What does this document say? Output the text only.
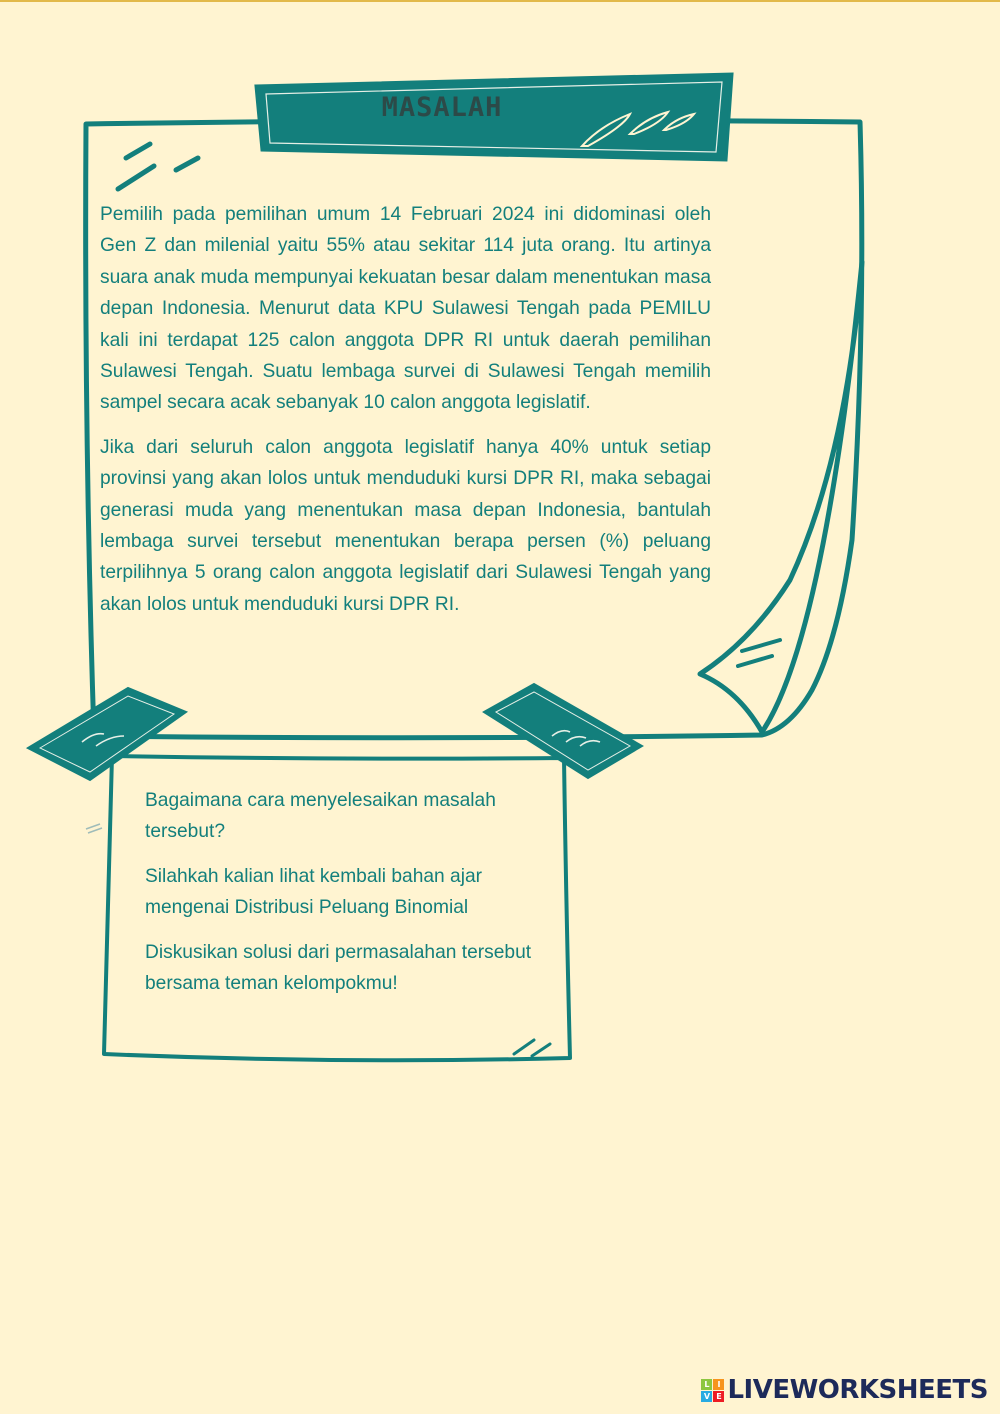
MASALAH

Pemilih pada pemilihan umum 14 Februari 2024 ini didominasi oleh Gen Z dan milenial yaitu 55% atau sekitar 114 juta orang. Itu artinya suara anak muda mempunyai kekuatan besar dalam menentukan masa depan Indonesia. Menurut data KPU Sulawesi Tengah pada PEMILU kali ini terdapat 125 calon anggota DPR RI untuk daerah pemilihan Sulawesi Tengah. Suatu lembaga survei di Sulawesi Tengah memilih sampel secara acak sebanyak 10 calon anggota legislatif.

Jika dari seluruh calon anggota legislatif hanya 40% untuk setiap provinsi yang akan lolos untuk menduduki kursi DPR RI, maka sebagai generasi muda yang menentukan masa depan Indonesia, bantulah lembaga survei tersebut menentukan berapa persen (%) peluang terpilihnya 5 orang calon anggota legislatif dari Sulawesi Tengah yang akan lolos untuk menduduki kursi DPR RI.

Bagaimana cara menyelesaikan masalah tersebut?

Silahkah kalian lihat kembali bahan ajar mengenai Distribusi Peluang Binomial

Diskusikan solusi dari permasalahan tersebut bersama teman kelompokmu!

L I
V E LIVEWORKSHEETS
